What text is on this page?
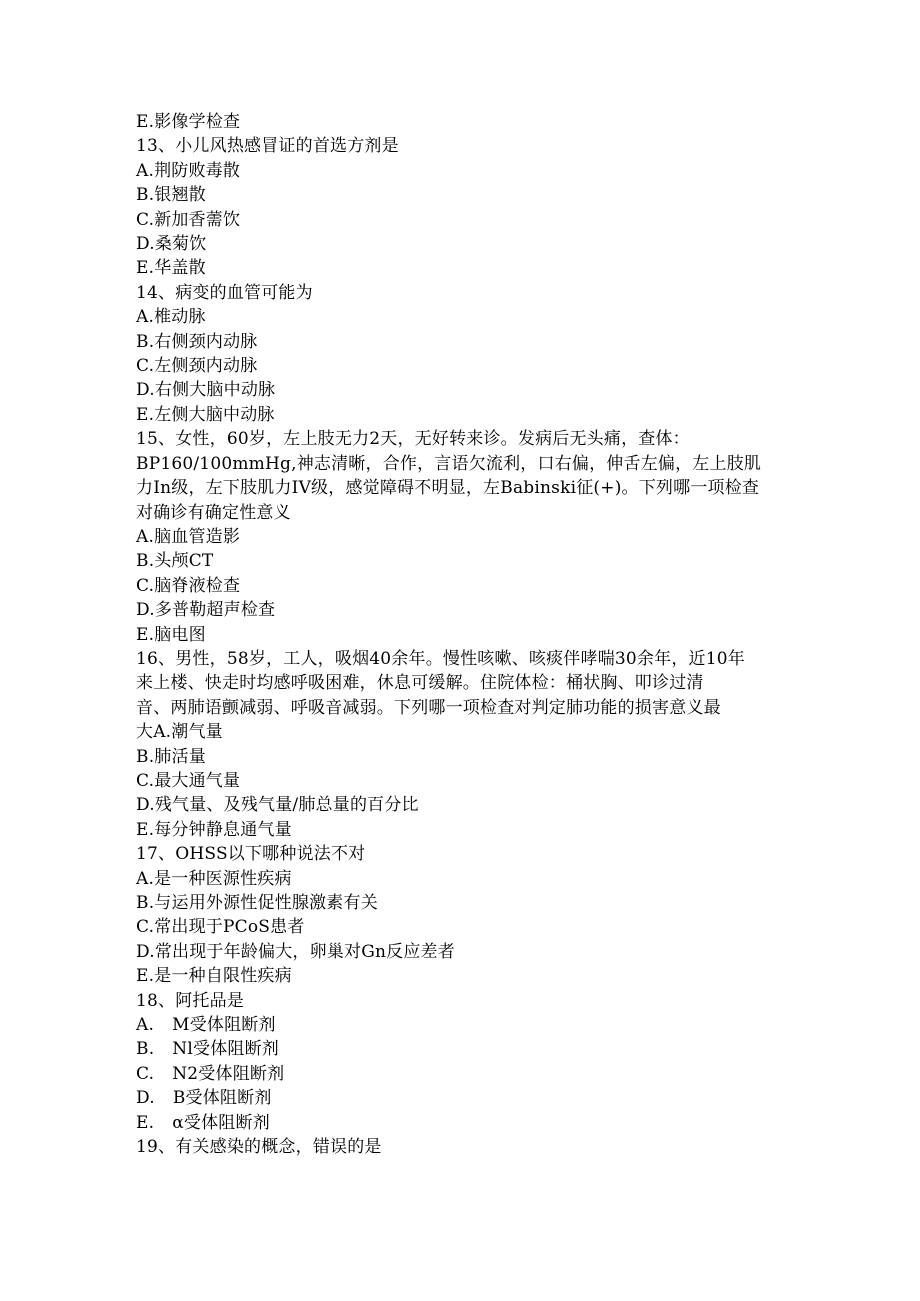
E.影像学检查
13、小儿风热感冒证的首选方剂是
A.荆防败毒散
B.银翘散
C.新加香薷饮
D.桑菊饮
E.华盖散
14、病变的血管可能为
A.椎动脉
B.右侧颈内动脉
C.左侧颈内动脉
D.右侧大脑中动脉
E.左侧大脑中动脉
15、女性，60岁，左上肢无力2天，无好转来诊。发病后无头痛，查体：
BP160/100mmHg,神志清晰，合作，言语欠流利，口右偏，伸舌左偏，左上肢肌
力In级，左下肢肌力IV级，感觉障碍不明显，左Babinski征(+)。下列哪一项检查
对确诊有确定性意义
A.脑血管造影
B.头颅CT
C.脑脊液检查
D.多普勒超声检查
E.脑电图
16、男性，58岁，工人，吸烟40余年。慢性咳嗽、咳痰伴哮喘30余年，近10年
来上楼、快走时均感呼吸困难，休息可缓解。住院体检：桶状胸、叩诊过清
音、两肺语颤减弱、呼吸音减弱。下列哪一项检查对判定肺功能的损害意义最
大A.潮气量
B.肺活量
C.最大通气量
D.残气量、及残气量/肺总量的百分比
E.每分钟静息通气量
17、OHSS以下哪种说法不对
A.是一种医源性疾病
B.与运用外源性促性腺激素有关
C.常出现于PCoS患者
D.常出现于年龄偏大，卵巢对Gn反应差者
E.是一种自限性疾病
18、阿托品是
A. M受体阻断剂
B. Nl受体阻断剂
C. N2受体阻断剂
D. B受体阻断剂
E. α受体阻断剂
19、有关感染的概念，错误的是
